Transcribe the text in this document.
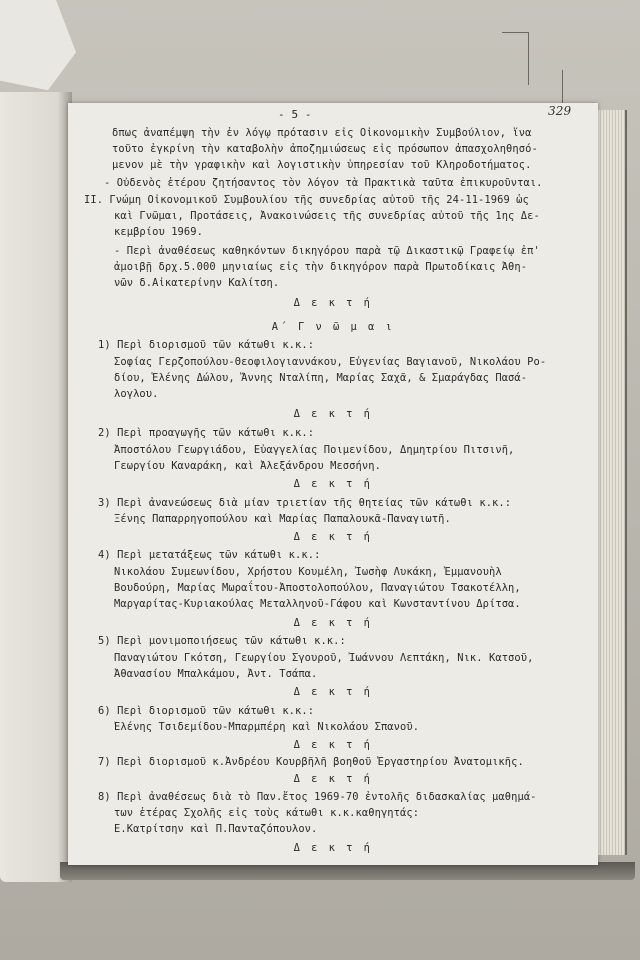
- 5 -	329
δπως ἀναπέμψη τὴν ἐν λόγῳ πρότασιν εἰς Οἰκονομικὴν Συμβούλιον, ἵνα
τοῦτο ἐγκρίνη τὴν καταβολὴν ἀποζημιώσεως εἰς πρόσωπον ἀπασχοληθησό-
μενον μὲ τὴν γραφικὴν καὶ λογιστικὴν ὑπηρεσίαν τοῦ Κληροδοτήματος.
- Οὐδενὸς ἑτέρου ζητήσαντος τὸν λόγον τὰ Πρακτικὰ ταῦτα ἐπικυροῦνται.
II. Γνώμη Οἰκονομικοῦ Συμβουλίου τῆς συνεδρίας αὐτοῦ τῆς 24-11-1969 ὡς
καὶ Γνῶμαι, Προτάσεις, Ἀνακοινώσεις τῆς συνεδρίας αὐτοῦ τῆς 1ης Δε-
κεμβρίου 1969.
- Περὶ ἀναθέσεως καθηκόντων δικηγόρου παρὰ τῷ Δικαστικῷ Γραφείῳ ἐπ'
ἀμοιβῇ δρχ.5.000 μηνιαίως εἰς τὴν δικηγόρον παρὰ Πρωτοδίκαις Ἀθη-
νῶν δ.Αἰκατερίνην Καλίτση.
Δ ε κ τ ή
Α΄ Γ ν ῶ μ α ι
1) Περὶ διορισμοῦ τῶν κάτωθι κ.κ.:
Σοφίας Γερζοπούλου-Θεοφιλογιαννάκου, Εὐγενίας Βαγιανοῦ, Νικολάου Ρο-
δίου, Ἑλένης Δώλου, Ἄννης Νταλίπη, Μαρίας Σαχᾶ, & Σμαράγδας Πασά-
λογλου.
Δ ε κ τ ή
2) Περὶ προαγωγῆς τῶν κάτωθι κ.κ.:
Ἀποστόλου Γεωργιάδου, Εὐαγγελίας Ποιμενίδου, Δημητρίου Πιτσινῆ,
Γεωργίου Καναράκη, καὶ Ἀλεξάνδρου Μεσσήνη.
Δ ε κ τ ή
3) Περὶ ἀνανεώσεως διὰ μίαν τριετίαν τῆς θητείας τῶν κάτωθι κ.κ.:
Ξένης Παπαρρηγοπούλου καὶ Μαρίας Παπαλουκᾶ-Παναγιωτῆ.
Δ ε κ τ ή
4) Περὶ μετατάξεως τῶν κάτωθι κ.κ.:
Νικολάου Συμεωνίδου, Χρήστου Κουμέλη, Ἰωσὴφ Λυκάκη, Ἐμμανουὴλ
Βουδούρη, Μαρίας Μωραΐτου-Ἀποστολοπούλου, Παναγιώτου Τσακοτέλλη,
Μαργαρίτας-Κυριακούλας Μεταλληνοῦ-Γάφου καὶ Κωνσταντίνου Δρίτσα.
Δ ε κ τ ή
5) Περὶ μονιμοποιήσεως τῶν κάτωθι κ.κ.:
Παναγιώτου Γκότση, Γεωργίου Σγουροῦ, Ἰωάννου Λεπτάκη, Νικ. Κατσοῦ,
Ἀθανασίου Μπαλκάμου, Ἀντ. Τσάπα.
Δ ε κ τ ή
6) Περὶ διορισμοῦ τῶν κάτωθι κ.κ.:
Ἑλένης Τσιδεμίδου-Μπαρμπέρη καὶ Νικολάου Σπανοῦ.
Δ ε κ τ ή
7) Περὶ διορισμοῦ κ.Ἀνδρέου Κουρβῆλῆ βοηθοῦ Ἐργαστηρίου Ἀνατομικῆς.
Δ ε κ τ ή
8) Περὶ ἀναθέσεως διὰ τὸ Παν.ἔτος 1969-70 ἐντολῆς διδασκαλίας μαθημά-
των ἑτέρας Σχολῆς εἰς τοὺς κάτωθι κ.κ.καθηγητάς:
Ε.Κατρίτσην καὶ Π.Πανταζόπουλον.
Δ ε κ τ ή
